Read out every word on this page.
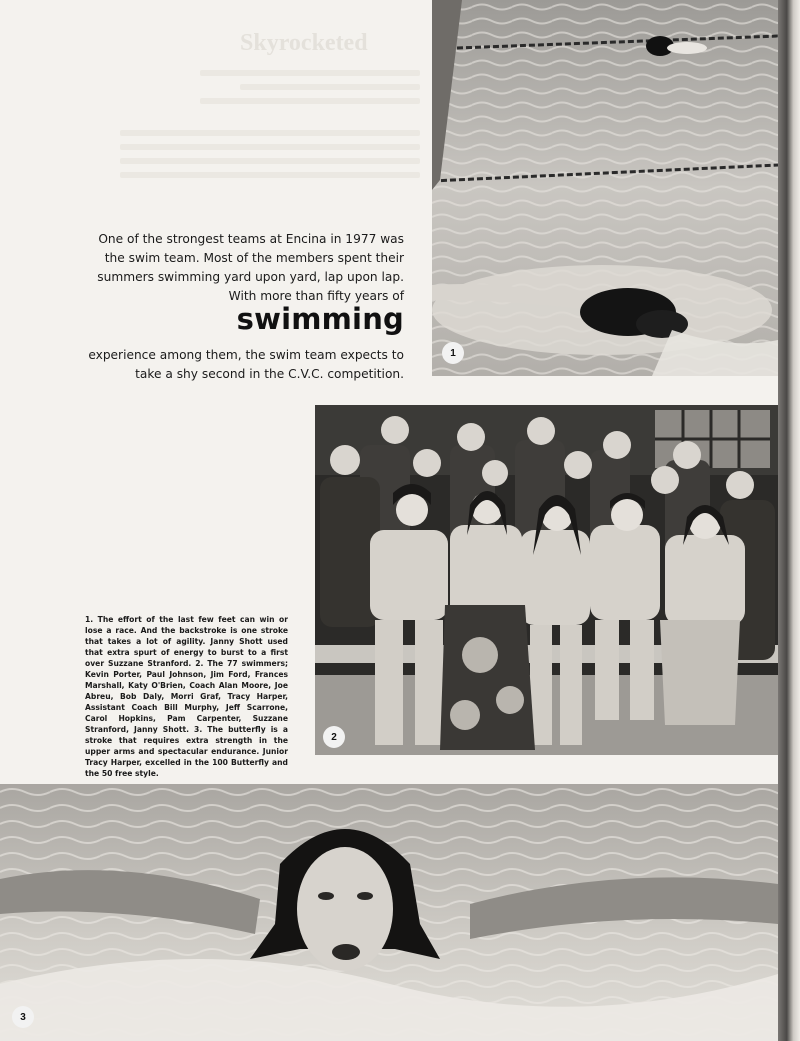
Skyrocketed
1
One of the strongest teams at Encina in 1977 was the swim team. Most of the members spent their summers swimming yard upon yard, lap upon lap. With more than fifty years of
swimming
experience among them, the swim team expects to take a shy second in the C.V.C. competition.
2
1. The effort of the last few feet can win or lose a race. And the backstroke is one stroke that takes a lot of agility. Janny Shott used that extra spurt of energy to burst to a first over Suzzane Stranford. 2. The 77 swimmers; Kevin Porter, Paul Johnson, Jim Ford, Frances Marshall, Katy O'Brien, Coach Alan Moore, Joe Abreu, Bob Daly, Morri Graf, Tracy Harper, Assistant Coach Bill Murphy, Jeff Scarrone, Carol Hopkins, Pam Carpenter, Suzzane Stranford, Janny Shott. 3. The butterfly is a stroke that requires extra strength in the upper arms and spectacular endurance. Junior Tracy Harper, excelled in the 100 Butterfly and the 50 free style.
3
